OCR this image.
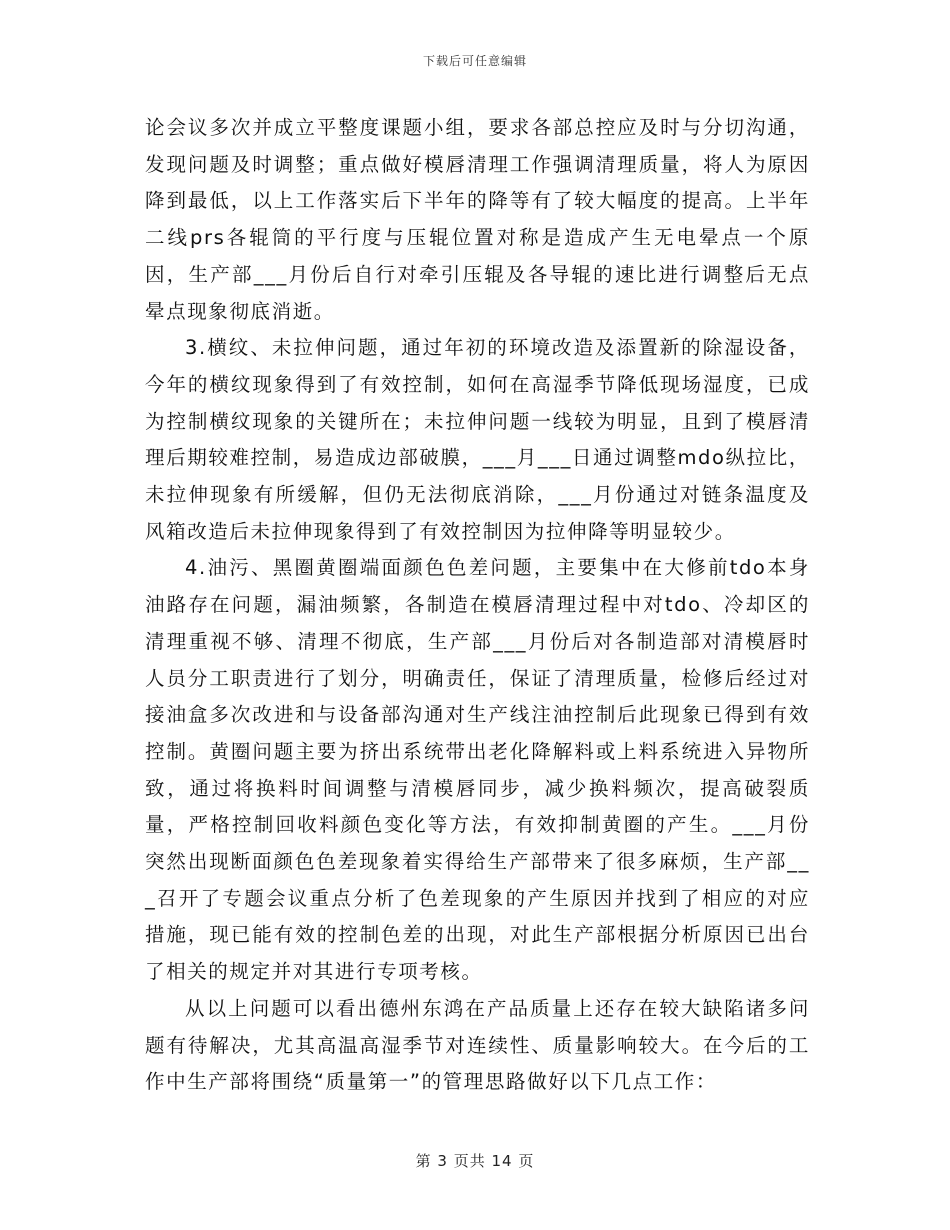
下载后可任意编辑

论会议多次并成立平整度课题小组，要求各部总控应及时与分切沟通，发现问题及时调整；重点做好模唇清理工作强调清理质量，将人为原因降到最低，以上工作落实后下半年的降等有了较大幅度的提高。上半年二线prs各辊筒的平行度与压辊位置对称是造成产生无电晕点一个原因，生产部___月份后自行对牵引压辊及各导辊的速比进行调整后无点晕点现象彻底消逝。

3.横纹、未拉伸问题，通过年初的环境改造及添置新的除湿设备，今年的横纹现象得到了有效控制，如何在高湿季节降低现场湿度，已成为控制横纹现象的关键所在；未拉伸问题一线较为明显，且到了模唇清理后期较难控制，易造成边部破膜，___月___日通过调整mdo纵拉比，未拉伸现象有所缓解，但仍无法彻底消除，___月份通过对链条温度及风箱改造后未拉伸现象得到了有效控制因为拉伸降等明显较少。

4.油污、黑圈黄圈端面颜色色差问题，主要集中在大修前tdo本身油路存在问题，漏油频繁，各制造在模唇清理过程中对tdo、冷却区的清理重视不够、清理不彻底，生产部___月份后对各制造部对清模唇时人员分工职责进行了划分，明确责任，保证了清理质量，检修后经过对接油盒多次改进和与设备部沟通对生产线注油控制后此现象已得到有效控制。黄圈问题主要为挤出系统带出老化降解料或上料系统进入异物所致，通过将换料时间调整与清模唇同步，减少换料频次，提高破裂质量，严格控制回收料颜色变化等方法，有效抑制黄圈的产生。___月份突然出现断面颜色色差现象着实得给生产部带来了很多麻烦，生产部___召开了专题会议重点分析了色差现象的产生原因并找到了相应的对应措施，现已能有效的控制色差的出现，对此生产部根据分析原因已出台了相关的规定并对其进行专项考核。

从以上问题可以看出德州东鸿在产品质量上还存在较大缺陷诸多问题有待解决，尤其高温高湿季节对连续性、质量影响较大。在今后的工作中生产部将围绕“质量第一”的管理思路做好以下几点工作：

第 3 页共 14 页
